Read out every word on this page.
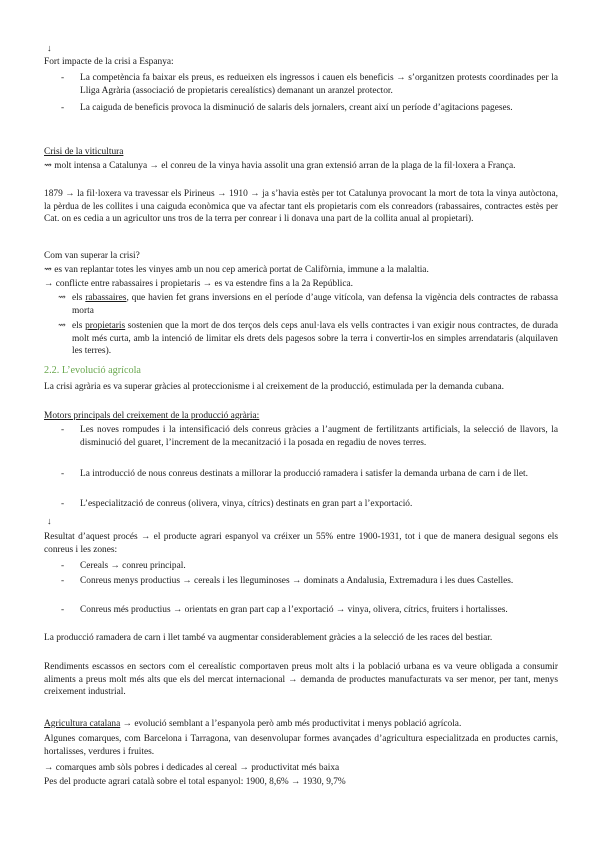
↓

Fort impacte de la crisi a Espanya:

- La competència fa baixar els preus, es redueixen els ingressos i cauen els beneficis → s’organitzen protests coordinades per la Lliga Agrària (associació de propietaris cerealístics) demanant un aranzel protector.
- La caiguda de beneficis provoca la disminució de salaris dels jornalers, creant així un període d’agitacions pageses.

Crisi de la viticultura

⇝ molt intensa a Catalunya → el conreu de la vinya havia assolit una gran extensió arran de la plaga de la fil·loxera a França.

1879 → la fil·loxera va travessar els Pirineus → 1910 → ja s’havia estès per tot Catalunya provocant la mort de tota la vinya autòctona, la pèrdua de les collites i una caiguda econòmica que va afectar tant els propietaris com els conreadors (rabassaires, contractes estès per Cat. on es cedia a un agricultor uns tros de la terra per conrear i li donava una part de la collita anual al propietari).

Com van superar la crisi?

⇝ es van replantar totes les vinyes amb un nou cep americà portat de Califòrnia, immune a la malaltia.

→ conflicte entre rabassaires i propietaris → es va estendre fins a la 2a República.

⇝ els rabassaires, que havien fet grans inversions en el període d’auge vitícola, van defensa la vigència dels contractes de rabassa morta
⇝ els propietaris sostenien que la mort de dos terços dels ceps anul·lava els vells contractes i van exigir nous contractes, de durada molt més curta, amb la intenció de limitar els drets dels pagesos sobre la terra i convertir-los en simples arrendataris (alquilaven les terres).

2.2. L’evolució agrícola

La crisi agrària es va superar gràcies al proteccionisme i al creixement de la producció, estimulada per la demanda cubana.

Motors principals del creixement de la producció agrària:

- Les noves rompudes i la intensificació dels conreus gràcies a l’augment de fertilitzants artificials, la selecció de llavors, la disminució del guaret, l’increment de la mecanització i la posada en regadiu de noves terres.
- La introducció de nous conreus destinats a millorar la producció ramadera i satisfer la demanda urbana de carn i de llet.
- L’especialització de conreus (olivera, vinya, cítrics) destinats en gran part a l’exportació.
↓

Resultat d’aquest procés → el producte agrari espanyol va créixer un 55% entre 1900-1931, tot i que de manera desigual segons els conreus i les zones:

- Cereals → conreu principal.
- Conreus menys productius → cereals i les lleguminoses → dominats a Andalusia, Extremadura i les dues Castelles.
- Conreus més productius → orientats en gran part cap a l’exportació → vinya, olivera, cítrics, fruiters i hortalisses.

La producció ramadera de carn i llet també va augmentar considerablement gràcies a la selecció de les races del bestiar.

Rendiments escassos en sectors com el cerealístic comportaven preus molt alts i la població urbana es va veure obligada a consumir aliments a preus molt més alts que els del mercat internacional → demanda de productes manufacturats va ser menor, per tant, menys creixement industrial.

Agricultura catalana → evolució semblant a l’espanyola però amb més productivitat i menys població agrícola.

Algunes comarques, com Barcelona i Tarragona, van desenvolupar formes avançades d’agricultura especialitzada en productes carnis, hortalisses, verdures i fruites.

→ comarques amb sòls pobres i dedicades al cereal → productivitat més baixa

Pes del producte agrari català sobre el total espanyol: 1900, 8,6% → 1930, 9,7%
